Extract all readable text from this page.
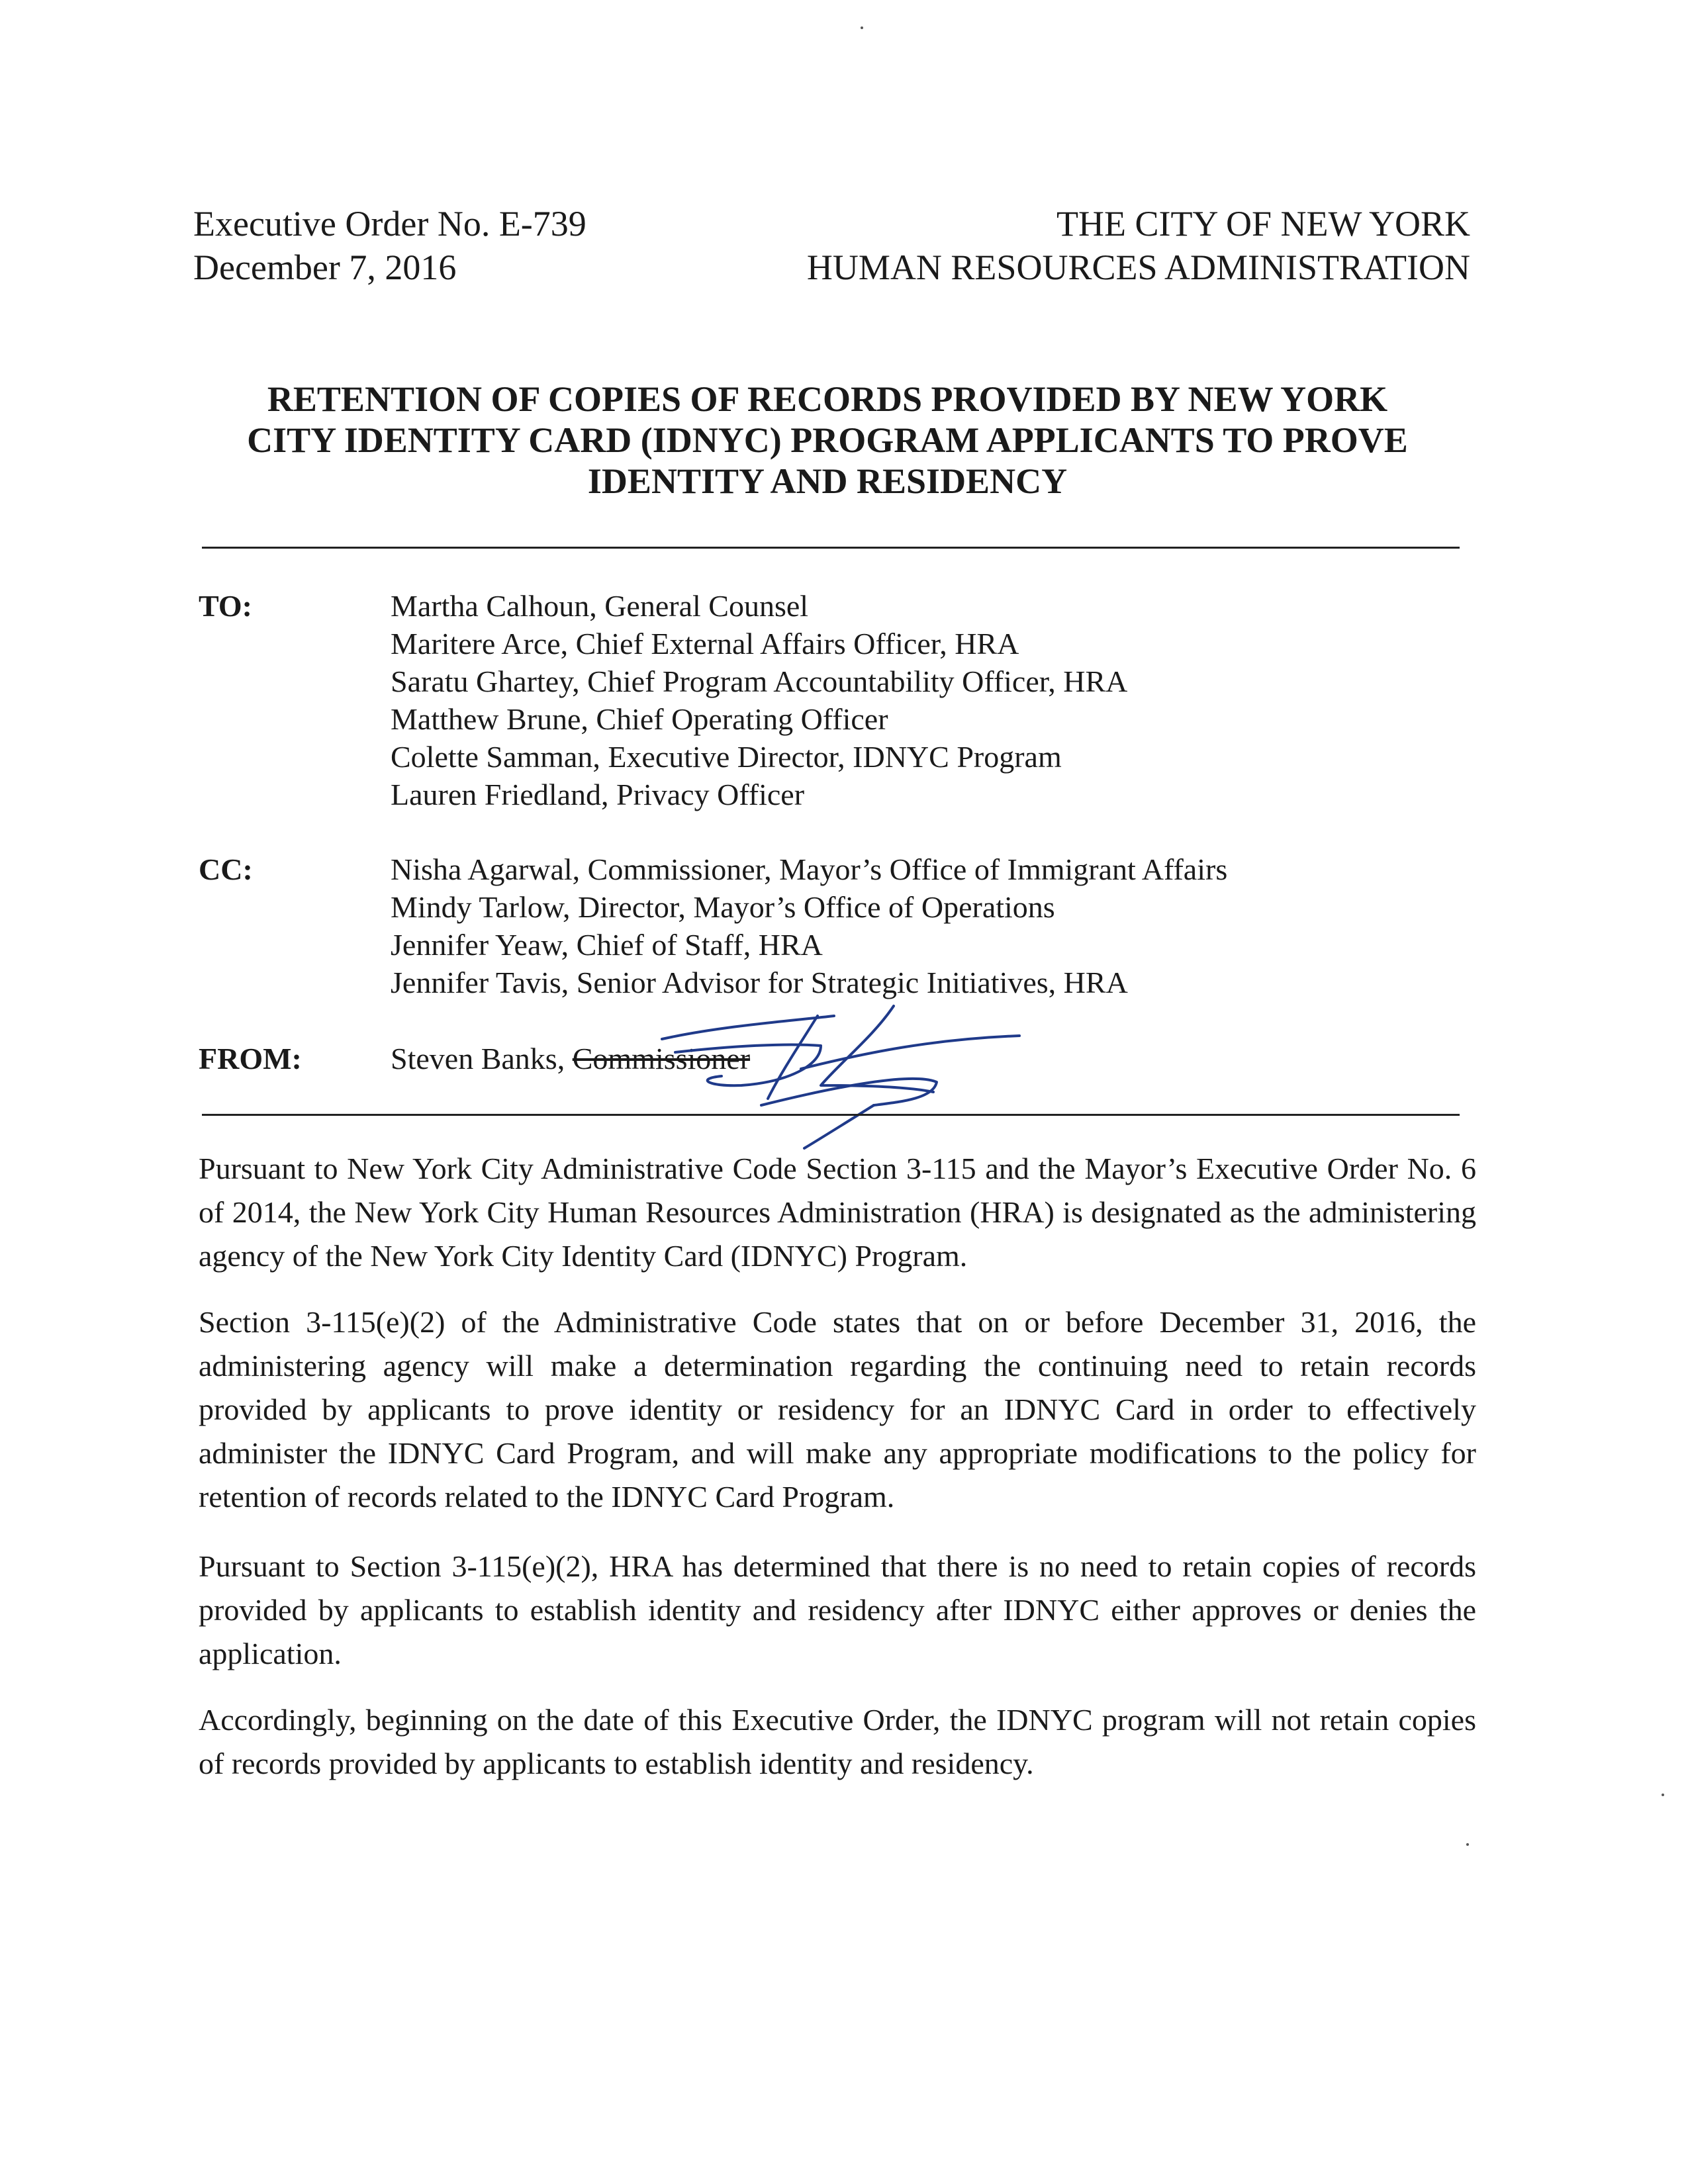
Executive Order No. E-739
December 7, 2016
THE CITY OF NEW YORK
HUMAN RESOURCES ADMINISTRATION
RETENTION OF COPIES OF RECORDS PROVIDED BY NEW YORK
CITY IDENTITY CARD (IDNYC) PROGRAM APPLICANTS TO PROVE
IDENTITY AND RESIDENCY
TO:	Martha Calhoun, General Counsel
Maritere Arce, Chief External Affairs Officer, HRA
Saratu Ghartey, Chief Program Accountability Officer, HRA
Matthew Brune, Chief Operating Officer
Colette Samman, Executive Director, IDNYC Program
Lauren Friedland, Privacy Officer
CC:	Nisha Agarwal, Commissioner, Mayor’s Office of Immigrant Affairs
Mindy Tarlow, Director, Mayor’s Office of Operations
Jennifer Yeaw, Chief of Staff, HRA
Jennifer Tavis, Senior Advisor for Strategic Initiatives, HRA
FROM:	Steven Banks, Commissioner

Pursuant to New York City Administrative Code Section 3-115 and the Mayor’s Executive Order No. 6 of 2014, the New York City Human Resources Administration (HRA) is designated as the administering agency of the New York City Identity Card (IDNYC) Program.

Section 3-115(e)(2) of the Administrative Code states that on or before December 31, 2016, the administering agency will make a determination regarding the continuing need to retain records provided by applicants to prove identity or residency for an IDNYC Card in order to effectively administer the IDNYC Card Program, and will make any appropriate modifications to the policy for retention of records related to the IDNYC Card Program.

Pursuant to Section 3-115(e)(2), HRA has determined that there is no need to retain copies of records provided by applicants to establish identity and residency after IDNYC either approves or denies the application.

Accordingly, beginning on the date of this Executive Order, the IDNYC program will not retain copies of records provided by applicants to establish identity and residency.
